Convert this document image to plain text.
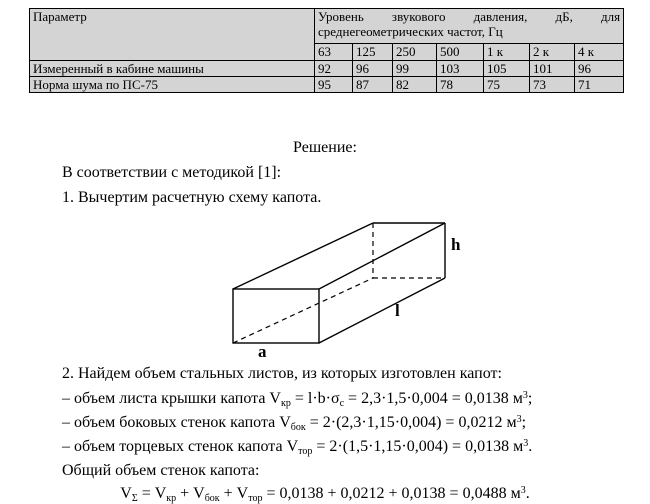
Параметр	Уровень звукового давления, дБ, для среднегеометрических частот, Гц						
	63	125	250	500	1 к	2 к	4 к
Измеренный в кабине машины	92	96	99	103	105	101	96
Норма шума по ПС-75	95	87	82	78	75	73	71
Решение:
В соответствии с методикой [1]:
1. Вычертим расчетную схему капота.
h
l
a
2. Найдем объем стальных листов, из которых изготовлен капот:
– объем листа крышки капота $V_{кр} = l\cdot b\cdot\sigma_c = 2,3\cdot 1,5\cdot 0,004 = 0,0138$ $м^3$;
– объем боковых стенок капота $V_{бок} = 2\cdot(2,3\cdot 1,15\cdot 0,004) = 0,0212$ $м^3$;
– объем торцевых стенок капота $V_{тор} = 2\cdot(1,5\cdot 1,15\cdot 0,004) = 0,0138$ $м^3$.
Общий объем стенок капота:
$V_\Sigma = V_{кр} + V_{бок} + V_{тор} = 0,0138 + 0,0212 + 0,0138 = 0,0488$ $м^3$.
